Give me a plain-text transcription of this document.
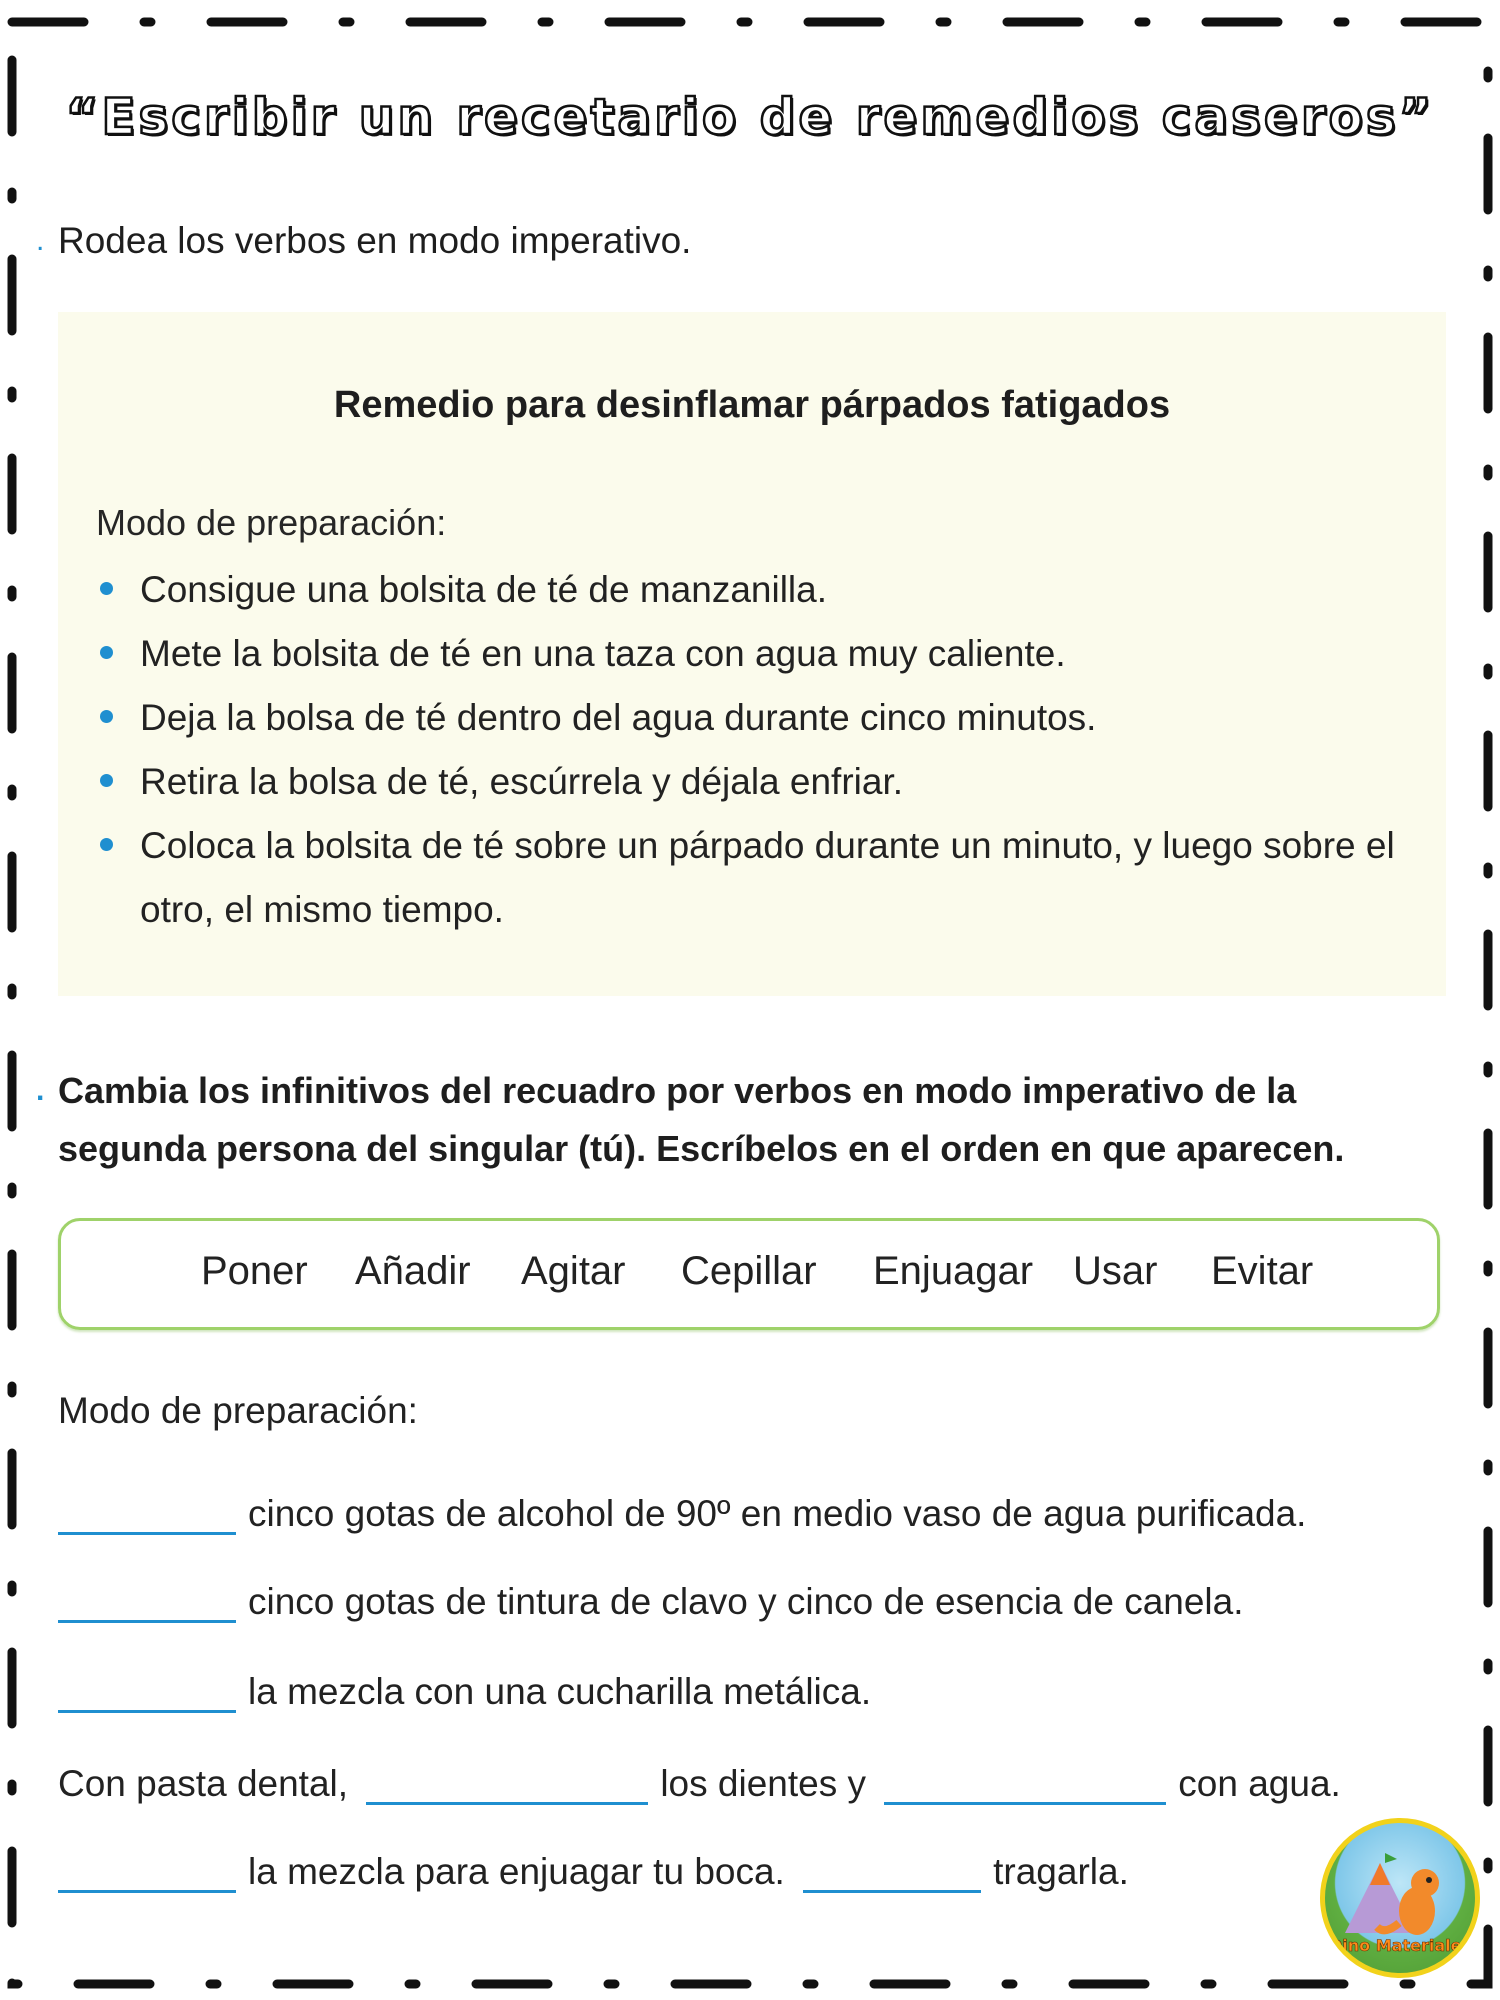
“Escribir un recetario de remedios caseros”
. Rodea los verbos en modo imperativo.
Remedio para desinflamar párpados fatigados
Modo de preparación:
Consigue una bolsita de té de manzanilla.
Mete la bolsita de té en una taza con agua muy caliente.
Deja la bolsa de té dentro del agua durante cinco minutos.
Retira la bolsa de té, escúrrela y déjala enfriar.
Coloca la bolsita de té sobre un párpado durante un minuto, y luego sobre el otro, el mismo tiempo.
. Cambia los infinitivos del recuadro por verbos en modo imperativo de la segunda persona del singular (tú). Escríbelos en el orden en que aparecen.
Poner Añadir Agitar Cepillar Enjuagar Usar Evitar
Modo de preparación:
cinco gotas de alcohol de 90º en medio vaso de agua purificada.
cinco gotas de tintura de clavo y cinco de esencia de canela.
la mezcla con una cucharilla metálica.
Con pasta dental,	los dientes y	con agua.
la mezcla para enjuagar tu boca.	tragarla.
Dino Materiales
